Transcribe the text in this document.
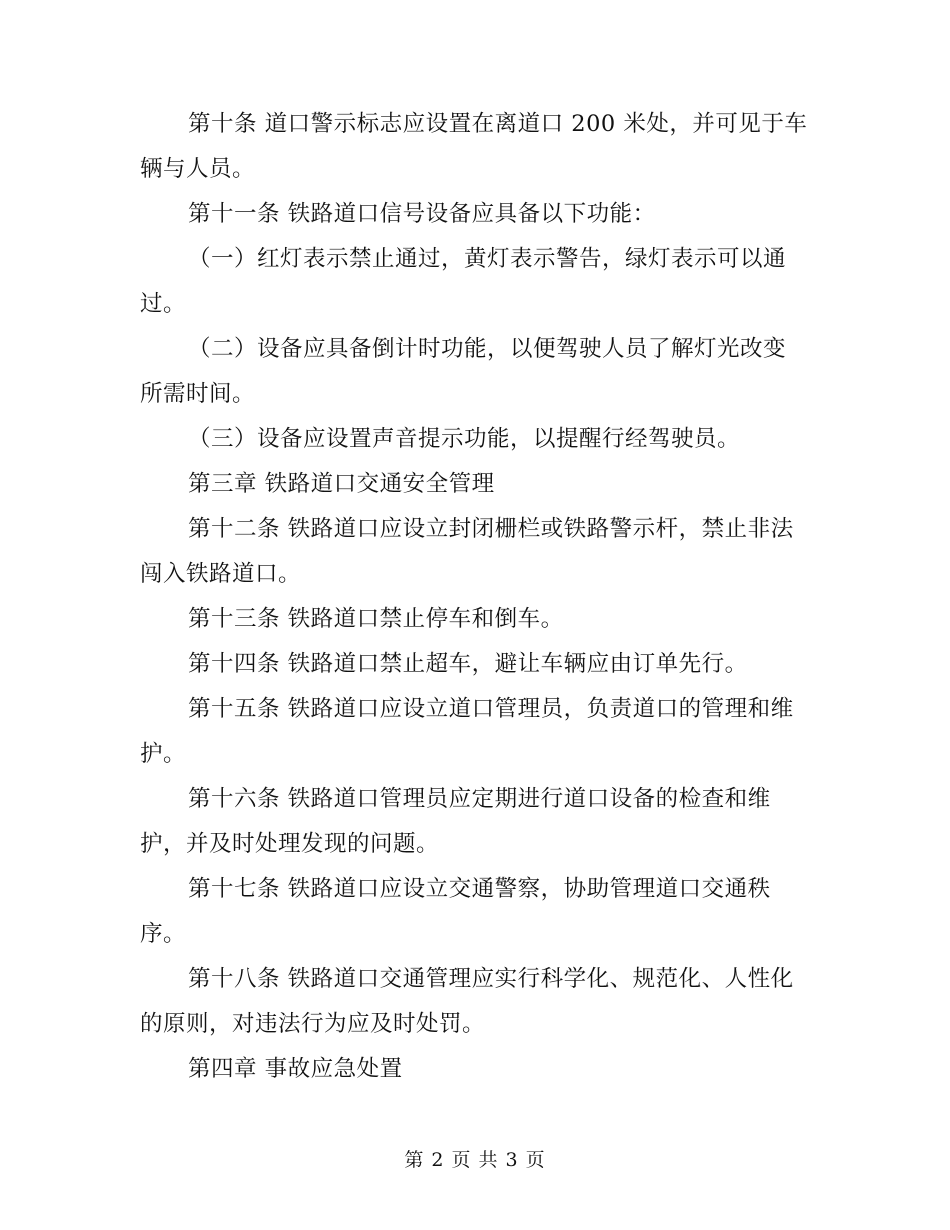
第十条 道口警示标志应设置在离道口 200 米处，并可见于车辆与人员。

第十一条 铁路道口信号设备应具备以下功能：

（一）红灯表示禁止通过，黄灯表示警告，绿灯表示可以通过。

（二）设备应具备倒计时功能，以便驾驶人员了解灯光改变所需时间。

（三）设备应设置声音提示功能，以提醒行经驾驶员。

第三章 铁路道口交通安全管理

第十二条 铁路道口应设立封闭栅栏或铁路警示杆，禁止非法闯入铁路道口。

第十三条 铁路道口禁止停车和倒车。

第十四条 铁路道口禁止超车，避让车辆应由订单先行。

第十五条 铁路道口应设立道口管理员，负责道口的管理和维护。

第十六条 铁路道口管理员应定期进行道口设备的检查和维护，并及时处理发现的问题。

第十七条 铁路道口应设立交通警察，协助管理道口交通秩序。

第十八条 铁路道口交通管理应实行科学化、规范化、人性化的原则，对违法行为应及时处罚。

第四章 事故应急处置

第 2 页 共 3 页
